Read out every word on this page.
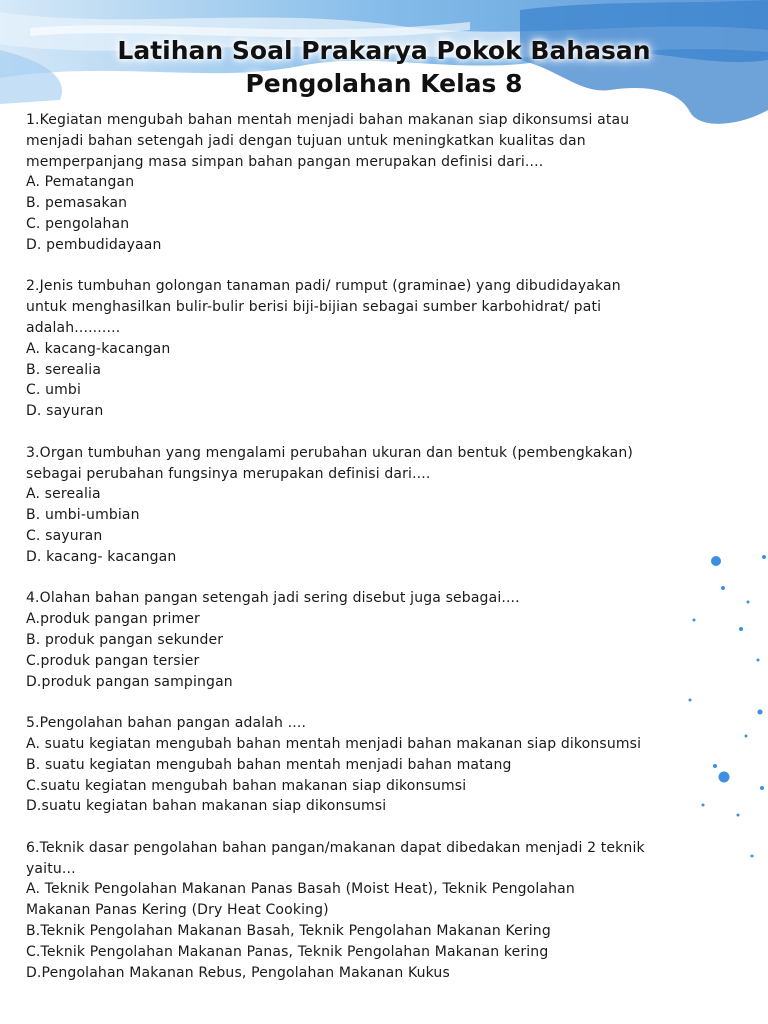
Latihan Soal Prakarya Pokok Bahasan
Pengolahan Kelas 8
1.Kegiatan mengubah bahan mentah menjadi bahan makanan siap dikonsumsi atau
menjadi bahan setengah jadi dengan tujuan untuk meningkatkan kualitas dan
memperpanjang masa simpan bahan pangan merupakan definisi dari....
A. Pematangan
B. pemasakan
C. pengolahan
D. pembudidayaan
2.Jenis tumbuhan golongan tanaman padi/ rumput (graminae) yang dibudidayakan
untuk menghasilkan bulir-bulir berisi biji-bijian sebagai sumber karbohidrat/ pati
adalah..........
A. kacang-kacangan
B. serealia
C. umbi
D. sayuran
3.Organ tumbuhan yang mengalami perubahan ukuran dan bentuk (pembengkakan)
sebagai perubahan fungsinya merupakan definisi dari....
A. serealia
B. umbi-umbian
C. sayuran
D. kacang- kacangan
4.Olahan bahan pangan setengah jadi sering disebut juga sebagai....
A.produk pangan primer
B. produk pangan sekunder
C.produk pangan tersier
D.produk pangan sampingan
5.Pengolahan bahan pangan adalah ....
A. suatu kegiatan mengubah bahan mentah menjadi bahan makanan siap dikonsumsi
B. suatu kegiatan mengubah bahan mentah menjadi bahan matang
C.suatu kegiatan mengubah bahan makanan siap dikonsumsi
D.suatu kegiatan bahan makanan siap dikonsumsi
6.Teknik dasar pengolahan bahan pangan/makanan dapat dibedakan menjadi 2 teknik
yaitu...
A. Teknik Pengolahan Makanan Panas Basah (Moist Heat), Teknik Pengolahan
Makanan Panas Kering (Dry Heat Cooking)
B.Teknik Pengolahan Makanan Basah, Teknik Pengolahan Makanan Kering
C.Teknik Pengolahan Makanan Panas, Teknik Pengolahan Makanan kering
D.Pengolahan Makanan Rebus, Pengolahan Makanan Kukus
